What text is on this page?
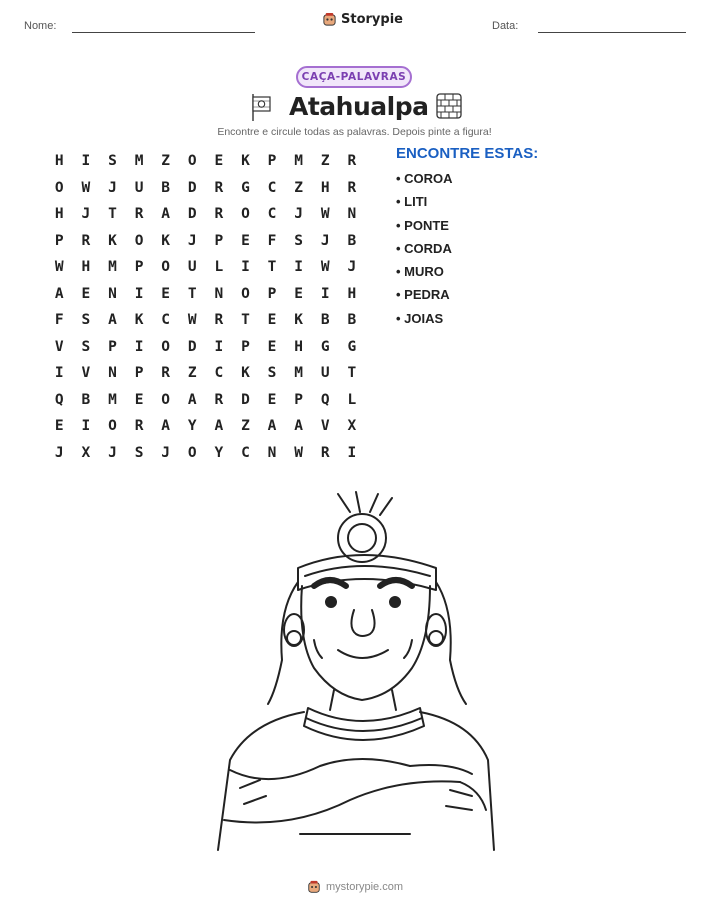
Nome:	Storypie	Data:
CAÇA-PALAVRAS
Atahualpa
Encontre e circule todas as palavras. Depois pinte a figura!
H	I	S	M	Z	O	E	K	P	M	Z	R
O	W	J	U	B	D	R	G	C	Z	H	R
H	J	T	R	A	D	R	O	C	J	W	N
P	R	K	O	K	J	P	E	F	S	J	B
W	H	M	P	O	U	L	I	T	I	W	J
A	E	N	I	E	T	N	O	P	E	I	H
F	S	A	K	C	W	R	T	E	K	B	B
V	S	P	I	O	D	I	P	E	H	G	G
I	V	N	P	R	Z	C	K	S	M	U	T
Q	B	M	E	O	A	R	D	E	P	Q	L
E	I	O	R	A	Y	A	Z	A	A	V	X
J	X	J	S	J	O	Y	C	N	W	R	I
ENCONTRE ESTAS:
• COROA
• LITI
• PONTE
• CORDA
• MURO
• PEDRA
• JOIAS
mystorypie.com
